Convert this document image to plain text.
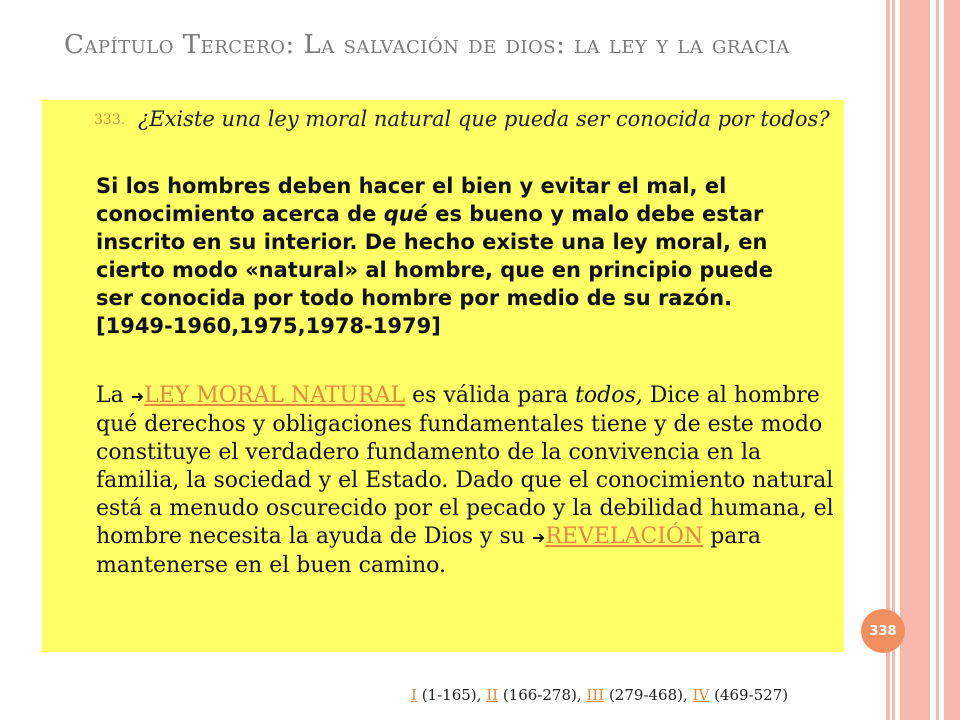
Capítulo Tercero: La salvación de dios: la ley y la gracia
333. ¿Existe una ley moral natural que pueda ser conocida por todos?
Si los hombres deben hacer el bien y evitar el mal, el conocimiento acerca de qué es bueno y malo debe estar inscrito en su interior. De hecho existe una ley moral, en cierto modo «natural» al hombre, que en principio puede ser conocida por todo hombre por medio de su razón. [1949-1960,1975,1978-1979]
La ➜LEY MORAL NATURAL es válida para todos, Dice al hombre qué derechos y obligaciones fundamentales tiene y de este modo constituye el verdadero fundamento de la convivencia en la familia, la sociedad y el Estado. Dado que el conocimiento natural está a menudo oscurecido por el pecado y la debilidad humana, el hombre necesita la ayuda de Dios y su ➜REVELACIÓN para mantenerse en el buen camino.
338
I (1-165), II (166-278), III (279-468), IV (469-527)
